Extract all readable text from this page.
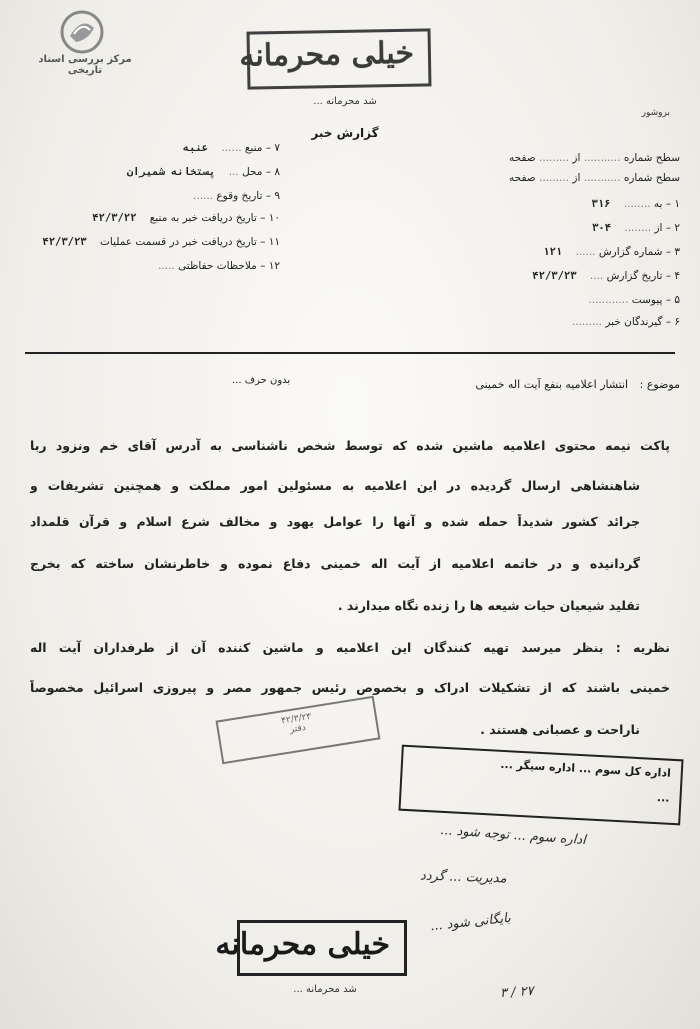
مرکز بررسی اسناد تاریخی	خیلی محرمانه
شد محرمانه ...
بروشور
گزارش خبر
سطح شماره ........... از ......... صفحه
سطح شماره ........... از ......... صفحه
۱ – به ........ ۳۱۶
۲ – از ........ ۳۰۴
۳ – شماره گزارش ...... ۱۲۱
۴ – تاریخ گزارش .... ۴۲/۳/۲۳
۵ – پیوست ............
۶ – گیرندگان خبر .........
۷ – منبع ...... عنبه
۸ – محل ... پستخانه شمیران
۹ – تاریخ وقوع ......
۱۰ – تاریخ دریافت خبر به منبع ۴۲/۳/۲۲
۱۱ – تاریخ دریافت خبر در قسمت عملیات ۴۲/۳/۲۳
۱۲ – ملاحظات حفاظتی .....
موضوع : انتشار اعلامیه بنفع آیت اله خمینی
بدون حرف ...
پاکت نیمه محتوی اعلامیه ماشین شده که توسط شخص ناشناسی به آدرس آقای خم ونزود ربا
شاهنشاهی ارسال گردیده در این اعلامیه به مسئولین امور مملکت و همچنین تشریفات و
جرائد کشور شدیداً حمله شده و آنها را عوامل یهود و مخالف شرع اسلام و قرآن قلمداد
گردانیده و در خاتمه اعلامیه از آیت اله خمینی دفاع نموده و خاطرنشان ساخته که بخرج
تقلید شیعیان حیات شیعه ها را زنده نگاه میدارند .
نظریه : بنظر میرسد تهیه کنندگان این اعلامیه و ماشین کننده آن از طرفداران آیت اله
خمینی باشند که از تشکیلات ادراک و بخصوص رئیس جمهور مصر و پیروزی اسرائیل مخصوصاً
ناراحت و عصبانی هستند .
۴۲/۳/۲۳
دفتر
اداره کل سوم ... اداره سیگر ...
...
اداره سوم ... توجه شود ...
مدیریت ... گردد
بایگانی شود ...
۲۷ / ۳
خیلی محرمانه
شد محرمانه ...
